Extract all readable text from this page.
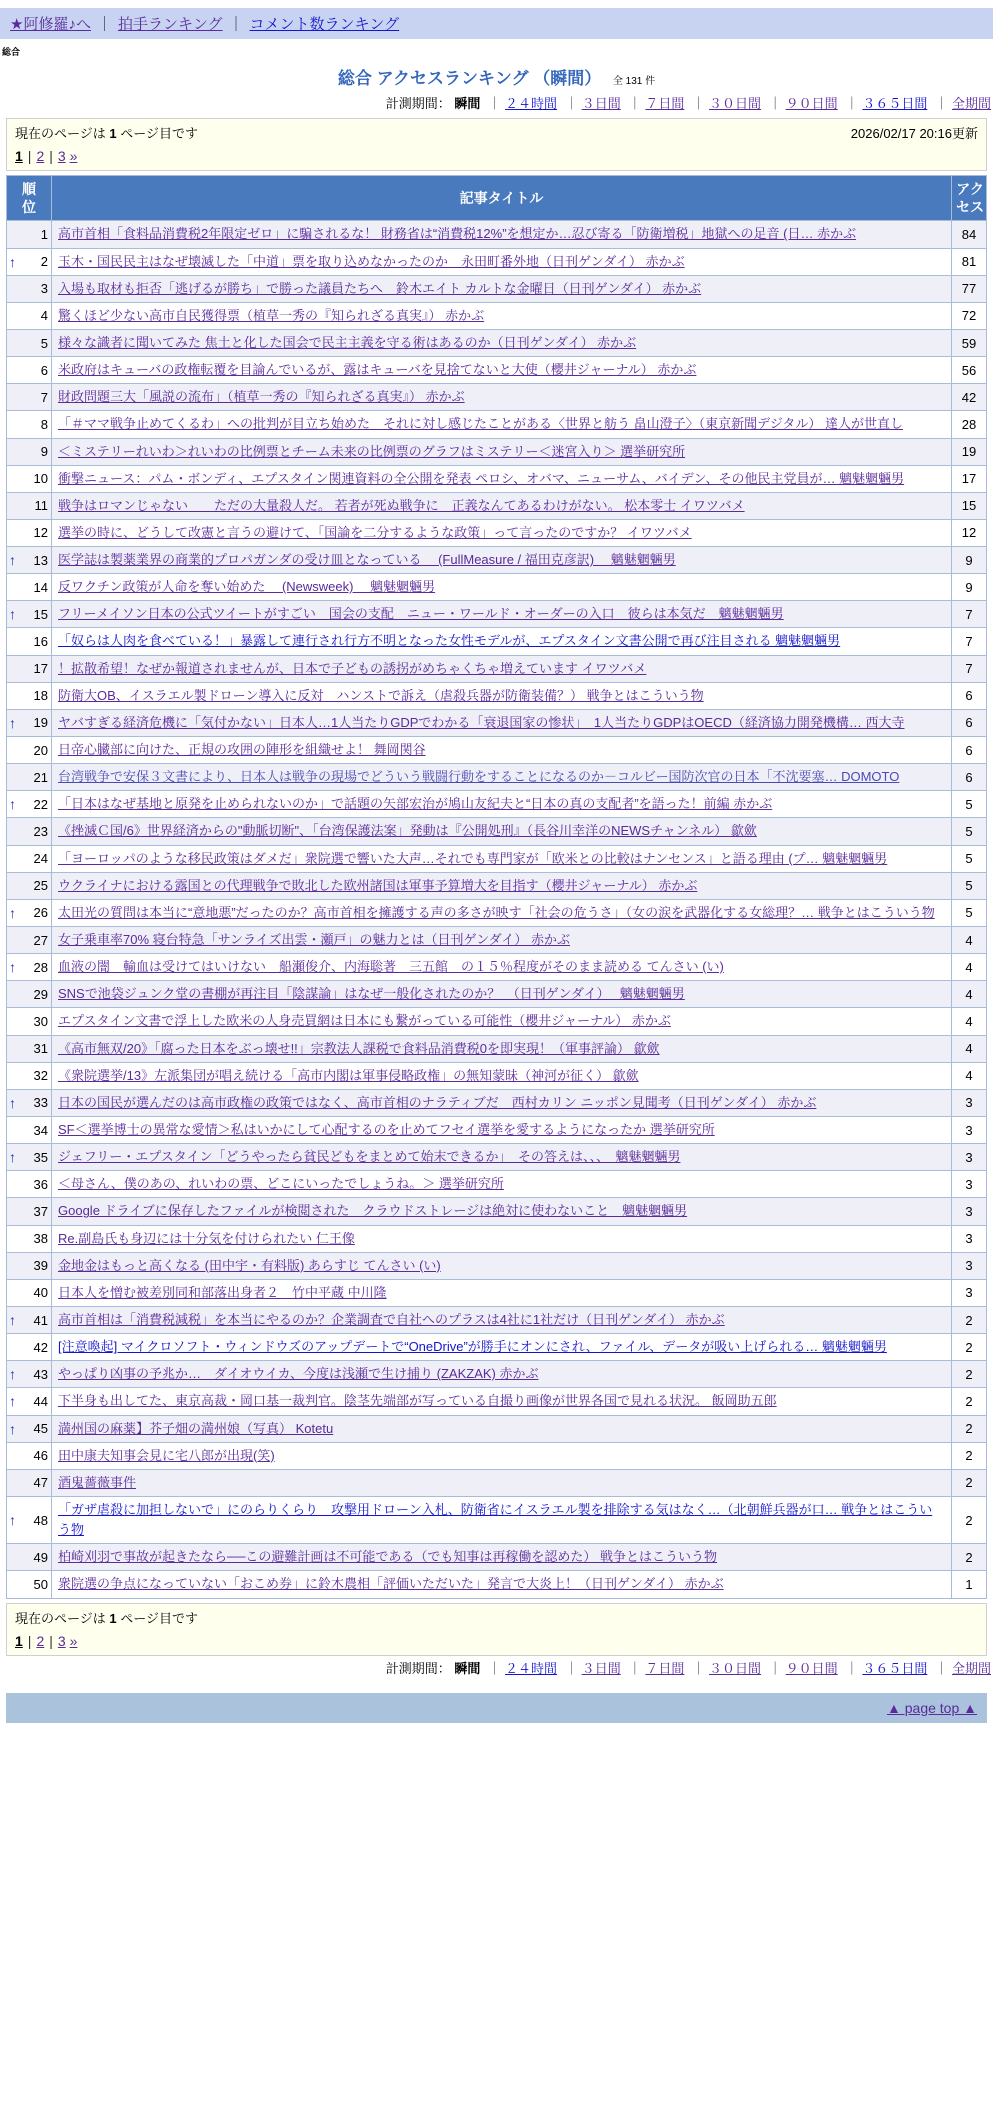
★阿修羅♪へ ｜ 拍手ランキング ｜ コメント数ランキング
総合
総合 アクセスランキング （瞬間） 全 131 件
計測期間： 瞬間 ｜ ２４時間 ｜ ３日間 ｜ ７日間 ｜ ３０日間 ｜ ９０日間 ｜ ３６５日間 ｜ 全期間
現在のページは 1 ページ目です	2026/02/17 20:16更新
1 | 2 | 3 »
順位	記事タイトル	アクセス

1	高市首相「食料品消費税2年限定ゼロ」に騙されるな！ 財務省は“消費税12%”を想定か…忍び寄る「防衛増税」地獄への足音 (日… 赤かぶ	84

↑ 2	玉木・国民民主はなぜ壊滅した「中道」票を取り込めなかったのか　永田町番外地（日刊ゲンダイ） 赤かぶ	81

3	入場も取材も拒否「逃げるが勝ち」で勝った議員たちへ　鈴木エイト カルトな金曜日（日刊ゲンダイ） 赤かぶ	77

4	驚くほど少ない高市自民獲得票（植草一秀の『知られざる真実』） 赤かぶ	72

5	様々な識者に聞いてみた 焦土と化した国会で民主主義を守る術はあるのか（日刊ゲンダイ） 赤かぶ	59

6	米政府はキューバの政権転覆を目論んでいるが、露はキューバを見捨てないと大使（櫻井ジャーナル） 赤かぶ	56

7	財政問題三大「風説の流布」（植草一秀の『知られざる真実』） 赤かぶ	42

8	「＃ママ戦争止めてくるわ」への批判が目立ち始めた　それに対し感じたことがある〈世界と舫う 畠山澄子〉（東京新聞デジタル） 達人が世直し	28

9	＜ミステリーれいわ＞れいわの比例票とチーム未来の比例票のグラフはミステリー＜迷宮入り＞ 選挙研究所	19

10	衝撃ニュース：パム・ボンディ、エプスタイン関連資料の全公開を発表 ペロシ、オバマ、ニューサム、バイデン、その他民主党員が… 魑魅魍魎男	17

11	戦争はロマンじゃない　　ただの大量殺人だ。 若者が死ぬ戦争に　正義なんてあるわけがない。 松本零士 イワツバメ	15

12	選挙の時に、どうして改憲と言うの避けて、「国論を二分するような政策」って言ったのですか？ イワツバメ	12

↑ 13	医学誌は製薬業界の商業的プロパガンダの受け皿となっている　 (FullMeasure / 福田克彦訳)　 魑魅魍魎男	9

14	反ワクチン政策が人命を奪い始めた　 (Newsweek)　 魑魅魍魎男	9

↑ 15	フリーメイソン日本の公式ツイートがすごい　国会の支配　ニュー・ワールド・オーダーの入口　彼らは本気だ　魑魅魍魎男	7

16	「奴らは人肉を食べている！」暴露して連行され行方不明となった女性モデルが、エプスタイン文書公開で再び注目される 魑魅魍魎男	7

17	！拡散希望！なぜか報道されませんが、日本で子どもの誘拐がめちゃくちゃ増えています イワツバメ	7

18	防衛大OB、イスラエル製ドローン導入に反対　ハンストで訴え（虐殺兵器が防衛装備？） 戦争とはこういう物	6

↑ 19	ヤバすぎる経済危機に「気付かない」日本人…1人当たりGDPでわかる「衰退国家の惨状」　1人当たりGDPはOECD（経済協力開発機構… 西大寺	6

20	日帝心臓部に向けた、正規の攻囲の陣形を組織せよ！ 舞岡関谷	6

21	台湾戦争で安保３文書により、日本人は戦争の現場でどういう戦闘行動をすることになるのか－コルビー国防次官の日本「不沈要塞… DOMOTO	6

↑ 22	「日本はなぜ基地と原発を止められないのか」で話題の矢部宏治が鳩山友紀夫と“日本の真の支配者”を語った！前編 赤かぶ	5

23	《挫滅Ｃ国/6》世界経済からの"動脈切断"、「台湾保護法案」発動は『公開処刑』（長谷川幸洋のNEWSチャンネル） 歙歛	5

24	「ヨーロッパのような移民政策はダメだ」衆院選で響いた大声…それでも専門家が「欧米との比較はナンセンス」と語る理由 (プ… 魑魅魍魎男	5

25	ウクライナにおける露国との代理戦争で敗北した欧州諸国は軍事予算増大を目指す（櫻井ジャーナル） 赤かぶ	5

↑ 26	太田光の質問は本当に“意地悪”だったのか？高市首相を擁護する声の多さが映す「社会の危うさ」（女の涙を武器化する女総理？… 戦争とはこういう物	5

27	女子乗車率70% 寝台特急「サンライズ出雲・瀬戸」の魅力とは（日刊ゲンダイ） 赤かぶ	4

↑ 28	血液の闇　輸血は受けてはいけない　船瀬俊介、内海聡著　三五館　の１５％程度がそのまま読める てんさい (い)	4

29	SNSで池袋ジュンク堂の書棚が再注目「陰謀論」はなぜ一般化されたのか？　（日刊ゲンダイ）　 魑魅魍魎男	4

30	エプスタイン文書で浮上した欧米の人身売買網は日本にも繋がっている可能性（櫻井ジャーナル） 赤かぶ	4

31	《高市無双/20》「腐った日本をぶっ壊せ!!」宗教法人課税で食料品消費税0を即実現！（軍事評論） 歙歛	4

32	《衆院選挙/13》左派集団が唱え続ける「高市内閣は軍事侵略政権」の無知蒙昧（神河が征く） 歙歛	4

↑ 33	日本の国民が選んだのは高市政権の政策ではなく、高市首相のナラティブだ　西村カリン ニッポン見聞考（日刊ゲンダイ） 赤かぶ	3

34	SF＜選挙博士の異常な愛情＞私はいかにして心配するのを止めてフセイ選挙を愛するようになったか 選挙研究所	3

↑ 35	ジェフリー・エプスタイン「どうやったら貧民どもをまとめて始末できるか」　その答えは、、、　魑魅魍魎男	3

36	＜母さん、僕のあの、れいわの票、どこにいったでしょうね。＞ 選挙研究所	3

37	Google ドライブに保存したファイルが検閲された　クラウドストレージは絶対に使わないこと　魑魅魍魎男	3

38	Re.副島氏も身辺には十分気を付けられたい 仁王像	3

39	金地金はもっと高くなる (田中宇・有料版) あらすじ てんさい (い)	3

40	日本人を憎む被差別同和部落出身者２＿竹中平蔵 中川隆	3

↑ 41	高市首相は「消費税減税」を本当にやるのか？企業調査で自社へのプラスは4社に1社だけ（日刊ゲンダイ） 赤かぶ	2

42	[注意喚起] マイクロソフト・ウィンドウズのアップデートで“OneDrive”が勝手にオンにされ、ファイル、データが吸い上げられる… 魑魅魍魎男	2

↑ 43	やっぱり凶事の予兆か…　ダイオウイカ、今度は浅瀬で生け捕り (ZAKZAK) 赤かぶ	2

↑ 44	下半身も出してた、東京高裁・岡口基一裁判官。陰茎先端部が写っている自撮り画像が世界各国で見れる状況。 飯岡助五郎	2

↑ 45	満州国の麻薬】芥子畑の満州娘（写真） Kotetu	2

46	田中康夫知事会見に宅八郎が出現(笑)	2

47	酒鬼薔薇事件	2

↑ 48	「ガザ虐殺に加担しないで」にのらりくらり　攻撃用ドローン入札、防衛省にイスラエル製を排除する気はなく…（北朝鮮兵器が口… 戦争とはこういう物	2

49	柏崎刈羽で事故が起きたなら──この避難計画は不可能である（でも知事は再稼働を認めた） 戦争とはこういう物	2

50	衆院選の争点になっていない「おこめ券」に鈴木農相「評価いただいた」発言で大炎上！（日刊ゲンダイ） 赤かぶ	1
現在のページは 1 ページ目です
1 | 2 | 3 »
計測期間： 瞬間 ｜ ２４時間 ｜ ３日間 ｜ ７日間 ｜ ３０日間 ｜ ９０日間 ｜ ３６５日間 ｜ 全期間
▲ page top ▲
